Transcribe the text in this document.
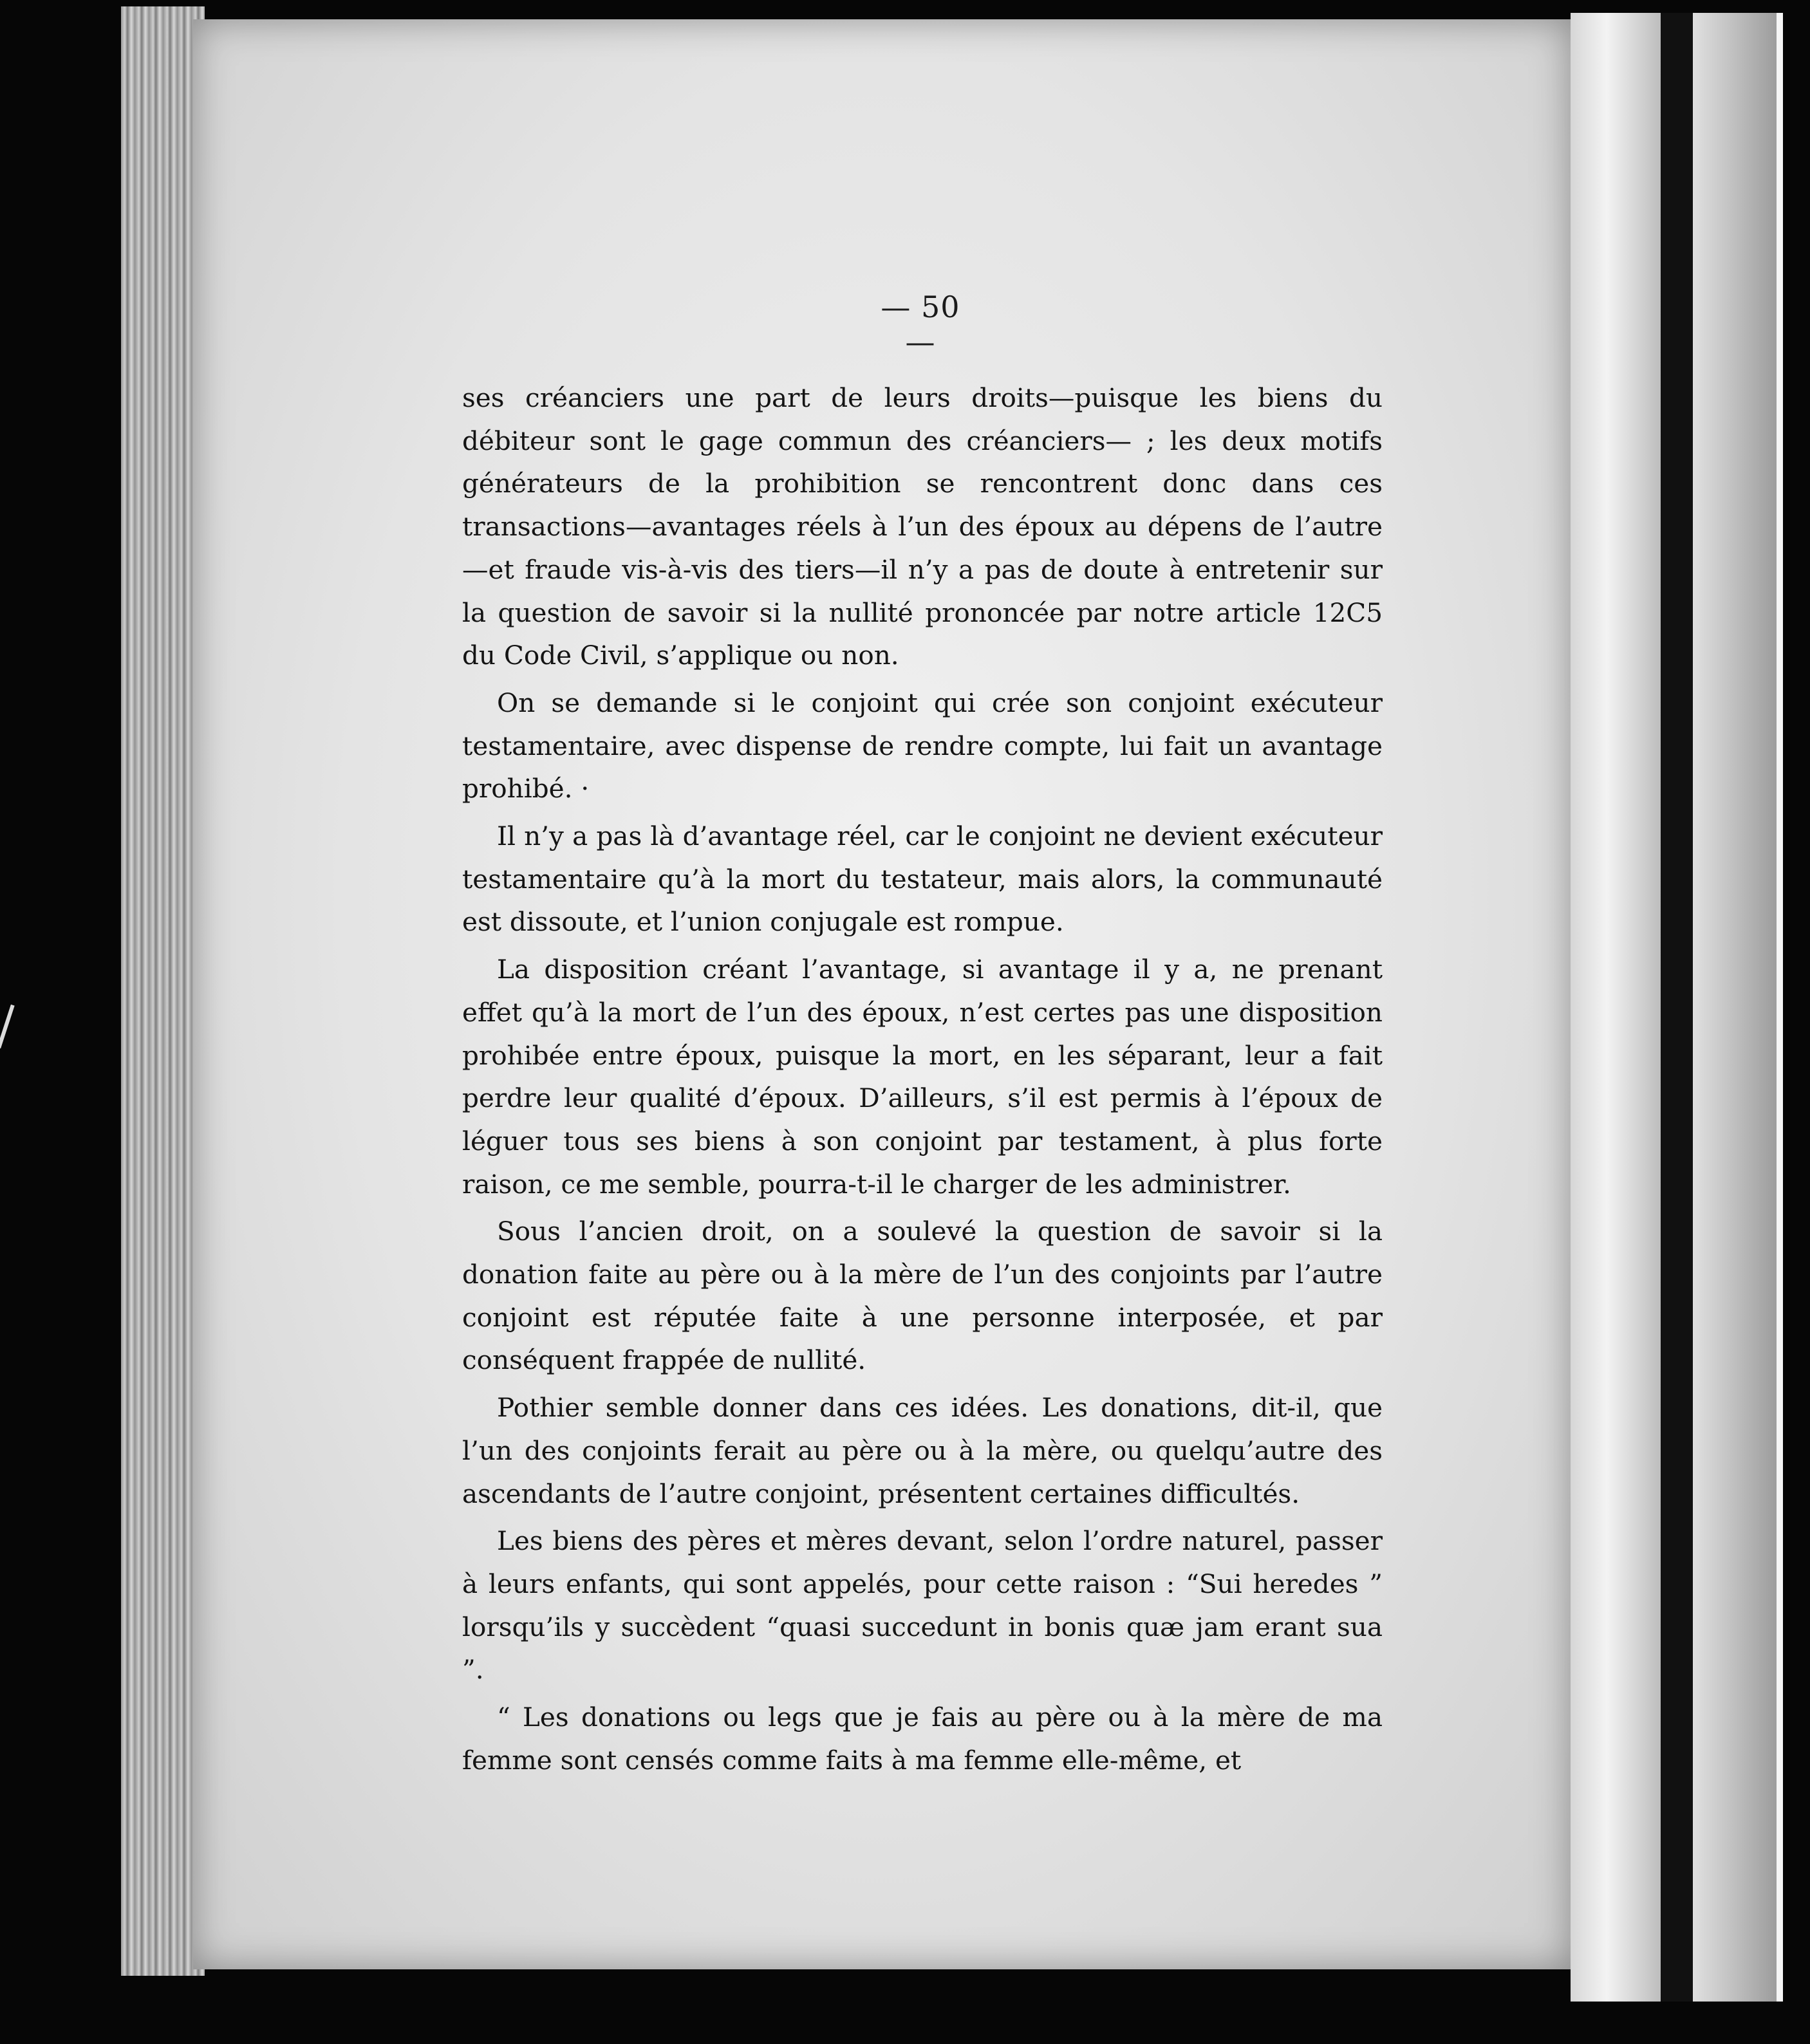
— 50 —

ses créanciers une part de leurs droits—puisque les biens du débiteur sont le gage commun des créanciers— ; les deux motifs générateurs de la prohibition se rencontrent donc dans ces transactions—avantages réels à l’un des époux au dépens de l’autre—et fraude vis-à-vis des tiers—il n’y a pas de doute à entretenir sur la question de savoir si la nullité prononcée par notre article 12C5 du Code Civil, s’applique ou non.

On se demande si le conjoint qui crée son conjoint exécuteur testamentaire, avec dispense de rendre compte, lui fait un avantage prohibé. ·

Il n’y a pas là d’avantage réel, car le conjoint ne devient exécuteur testamentaire qu’à la mort du testateur, mais alors, la communauté est dissoute, et l’union conjugale est rompue.

La disposition créant l’avantage, si avantage il y a, ne prenant effet qu’à la mort de l’un des époux, n’est certes pas une disposition prohibée entre époux, puisque la mort, en les séparant, leur a fait perdre leur qualité d’époux. D’ailleurs, s’il est permis à l’époux de léguer tous ses biens à son conjoint par testament, à plus forte raison, ce me semble, pourra-t-il le charger de les administrer.

Sous l’ancien droit, on a soulevé la question de savoir si la donation faite au père ou à la mère de l’un des conjoints par l’autre conjoint est réputée faite à une personne interposée, et par conséquent frappée de nullité.

Pothier semble donner dans ces idées. Les donations, dit-il, que l’un des conjoints ferait au père ou à la mère, ou quelqu’autre des ascendants de l’autre conjoint, présentent certaines difficultés.

Les biens des pères et mères devant, selon l’ordre naturel, passer à leurs enfants, qui sont appelés, pour cette raison : “Sui heredes ” lorsqu’ils y succèdent “quasi succedunt in bonis quæ jam erant sua ”.

“ Les donations ou legs que je fais au père ou à la mère de ma femme sont censés comme faits à ma femme elle-même, et
